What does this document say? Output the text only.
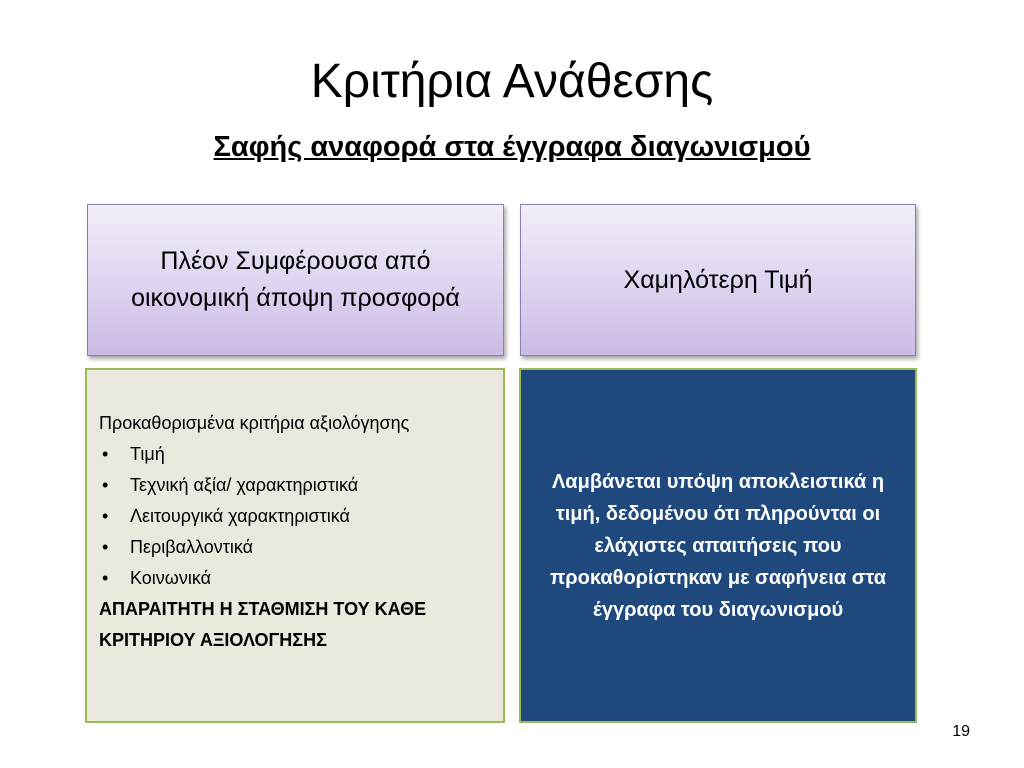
Κριτήρια Ανάθεσης
Σαφής αναφορά στα έγγραφα διαγωνισμού
Πλέον Συμφέρουσα από οικονομική άποψη προσφορά
Χαμηλότερη Τιμή

Προκαθορισμένα κριτήρια αξιολόγησης

• Τιμή
• Τεχνική αξία/ χαρακτηριστικά
• Λειτουργικά χαρακτηριστικά
• Περιβαλλοντικά
• Κοινωνικά

ΑΠΑΡΑΙΤΗΤΗ Η ΣΤΑΘΜΙΣΗ ΤΟΥ ΚΑΘΕ ΚΡΙΤΗΡΙΟΥ ΑΞΙΟΛΟΓΗΣΗΣ

Λαμβάνεται υπόψη αποκλειστικά η τιμή, δεδομένου ότι πληρούνται οι ελάχιστες απαιτήσεις που προκαθορίστηκαν με σαφήνεια στα έγγραφα του διαγωνισμού
19
